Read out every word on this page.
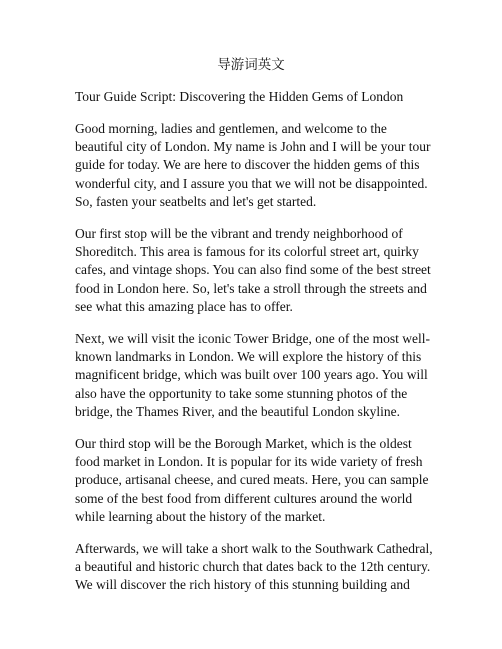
导游词英文
Tour Guide Script: Discovering the Hidden Gems of London

Good morning, ladies and gentlemen, and welcome to the beautiful city of London. My name is John and I will be your tour guide for today. We are here to discover the hidden gems of this wonderful city, and I assure you that we will not be disappointed. So, fasten your seatbelts and let's get started.

Our first stop will be the vibrant and trendy neighborhood of Shoreditch. This area is famous for its colorful street art, quirky cafes, and vintage shops. You can also find some of the best street food in London here. So, let's take a stroll through the streets and see what this amazing place has to offer.

Next, we will visit the iconic Tower Bridge, one of the most well-known landmarks in London. We will explore the history of this magnificent bridge, which was built over 100 years ago. You will also have the opportunity to take some stunning photos of the bridge, the Thames River, and the beautiful London skyline.

Our third stop will be the Borough Market, which is the oldest food market in London. It is popular for its wide variety of fresh produce, artisanal cheese, and cured meats. Here, you can sample some of the best food from different cultures around the world while learning about the history of the market.

Afterwards, we will take a short walk to the Southwark Cathedral, a beautiful and historic church that dates back to the 12th century. We will discover the rich history of this stunning building and
